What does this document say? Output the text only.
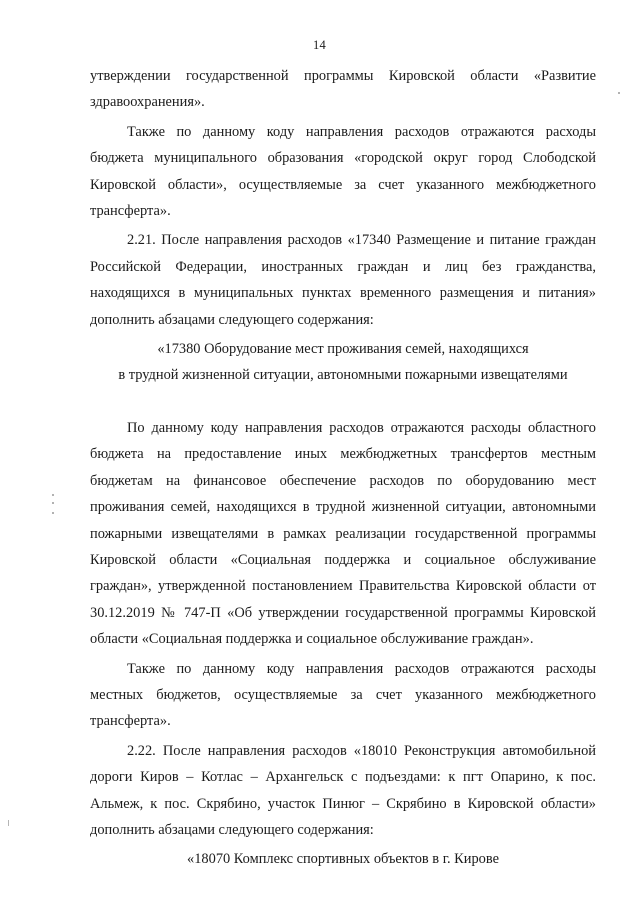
14

утверждении государственной программы Кировской области «Развитие здравоохранения».

Также по данному коду направления расходов отражаются расходы бюджета муниципального образования «городской округ город Слободской Кировской области», осуществляемые за счет указанного межбюджетного трансферта».

2.21. После направления расходов «17340 Размещение и питание граждан Российской Федерации, иностранных граждан и лиц без гражданства, находящихся в муниципальных пунктах временного размещения и питания» дополнить абзацами следующего содержания:

«17380 Оборудование мест проживания семей, находящихся

в трудной жизненной ситуации, автономными пожарными извещателями

По данному коду направления расходов отражаются расходы областного бюджета на предоставление иных межбюджетных трансфертов местным бюджетам на финансовое обеспечение расходов по оборудованию мест проживания семей, находящихся в трудной жизненной ситуации, автономными пожарными извещателями в рамках реализации государственной программы Кировской области «Социальная поддержка и социальное обслуживание граждан», утвержденной постановлением Правительства Кировской области от 30.12.2019 № 747-П «Об утверждении государственной программы Кировской области «Социальная поддержка и социальное обслуживание граждан».

Также по данному коду направления расходов отражаются расходы местных бюджетов, осуществляемые за счет указанного межбюджетного трансферта».

2.22. После направления расходов «18010 Реконструкция автомобильной дороги Киров – Котлас – Архангельск с подъездами: к пгт Опарино, к пос. Альмеж, к пос. Скрябино, участок Пинюг – Скрябино в Кировской области» дополнить абзацами следующего содержания:

«18070 Комплекс спортивных объектов в г. Кирове
